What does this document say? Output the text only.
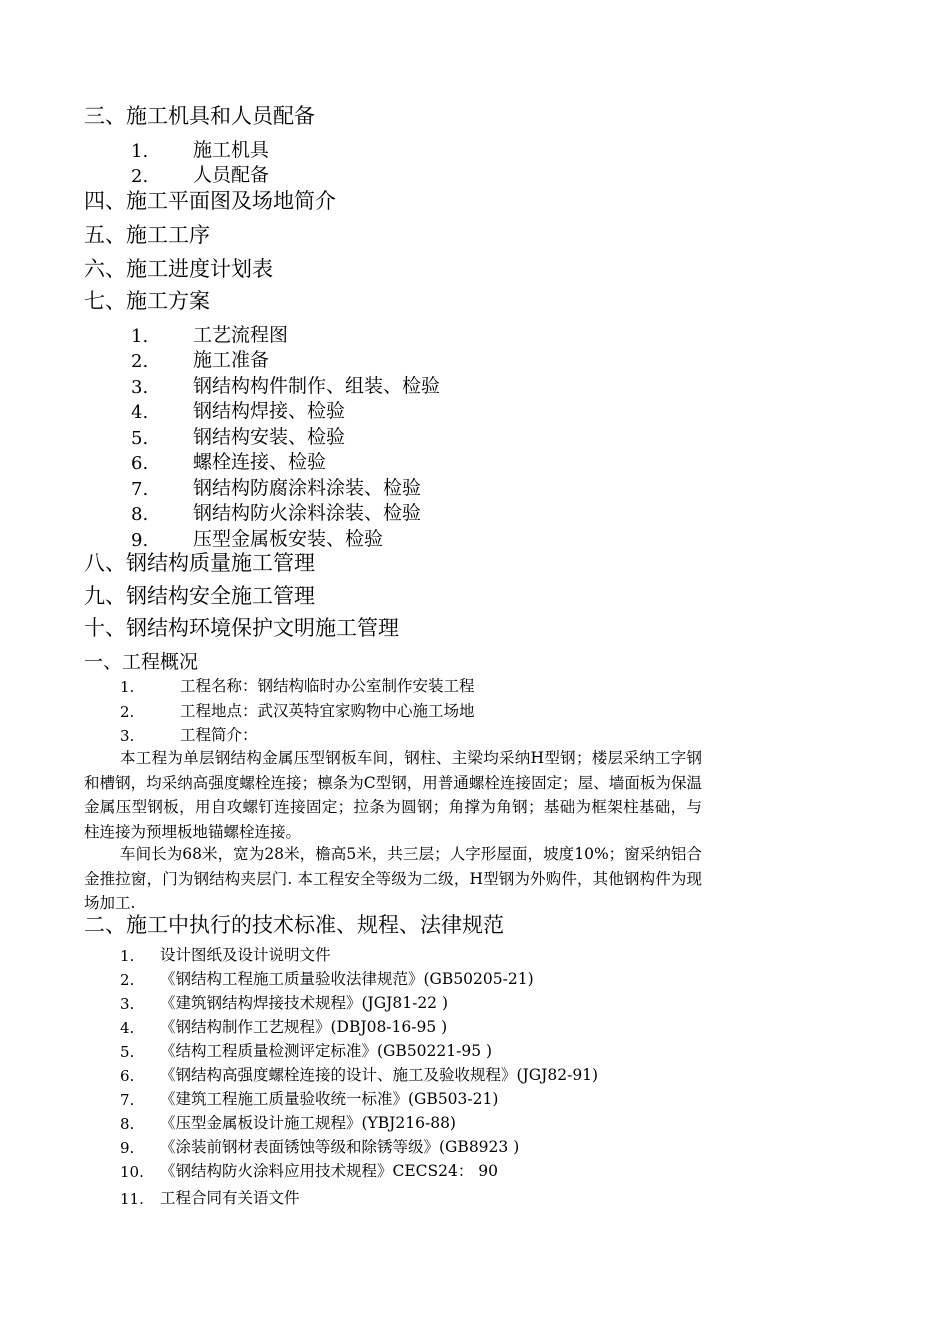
三、施工机具和人员配备
1. 施工机具
2. 人员配备
四、施工平面图及场地简介
五、施工工序
六、施工进度计划表
七、施工方案
1. 工艺流程图
2. 施工准备
3. 钢结构构件制作、组装、检验
4. 钢结构焊接、检验
5. 钢结构安装、检验
6. 螺栓连接、检验
7. 钢结构防腐涂料涂装、检验
8. 钢结构防火涂料涂装、检验
9. 压型金属板安装、检验
八、钢结构质量施工管理
九、钢结构安全施工管理
十、钢结构环境保护文明施工管理
一、工程概况
1.	工程名称：钢结构临时办公室制作安装工程
2.	工程地点：武汉英特宜家购物中心施工场地
3.	工程简介：
本工程为单层钢结构金属压型钢板车间，钢柱、主梁均采纳H型钢；楼层采纳工字钢和槽钢，均采纳高强度螺栓连接；檩条为C型钢，用普通螺栓连接固定；屋、墙面板为保温金属压型钢板，用自攻螺钉连接固定；拉条为圆钢；角撑为角钢；基础为框架柱基础，与柱连接为预埋板地锚螺栓连接。
车间长为68米，宽为28米，檐高5米，共三层；人字形屋面，坡度10%；窗采纳铝合金推拉窗，门为钢结构夹层门. 本工程安全等级为二级，H型钢为外购件，其他钢构件为现场加工.
二、施工中执行的技术标准、规程、法律规范
1. 设计图纸及设计说明文件
2. 《钢结构工程施工质量验收法律规范》(GB50205-21)
3. 《建筑钢结构焊接技术规程》(JGJ81-22 )
4. 《钢结构制作工艺规程》(DBJ08-16-95 )
5. 《结构工程质量检测评定标准》(GB50221-95 )
6. 《钢结构高强度螺栓连接的设计、施工及验收规程》(JGJ82-91)
7. 《建筑工程施工质量验收统一标准》(GB503-21)
8. 《压型金属板设计施工规程》(YBJ216-88)
9. 《涂装前钢材表面锈蚀等级和除锈等级》(GB8923 )
10. 《钢结构防火涂料应用技术规程》CECS24： 90
11. 工程合同有关语文件
